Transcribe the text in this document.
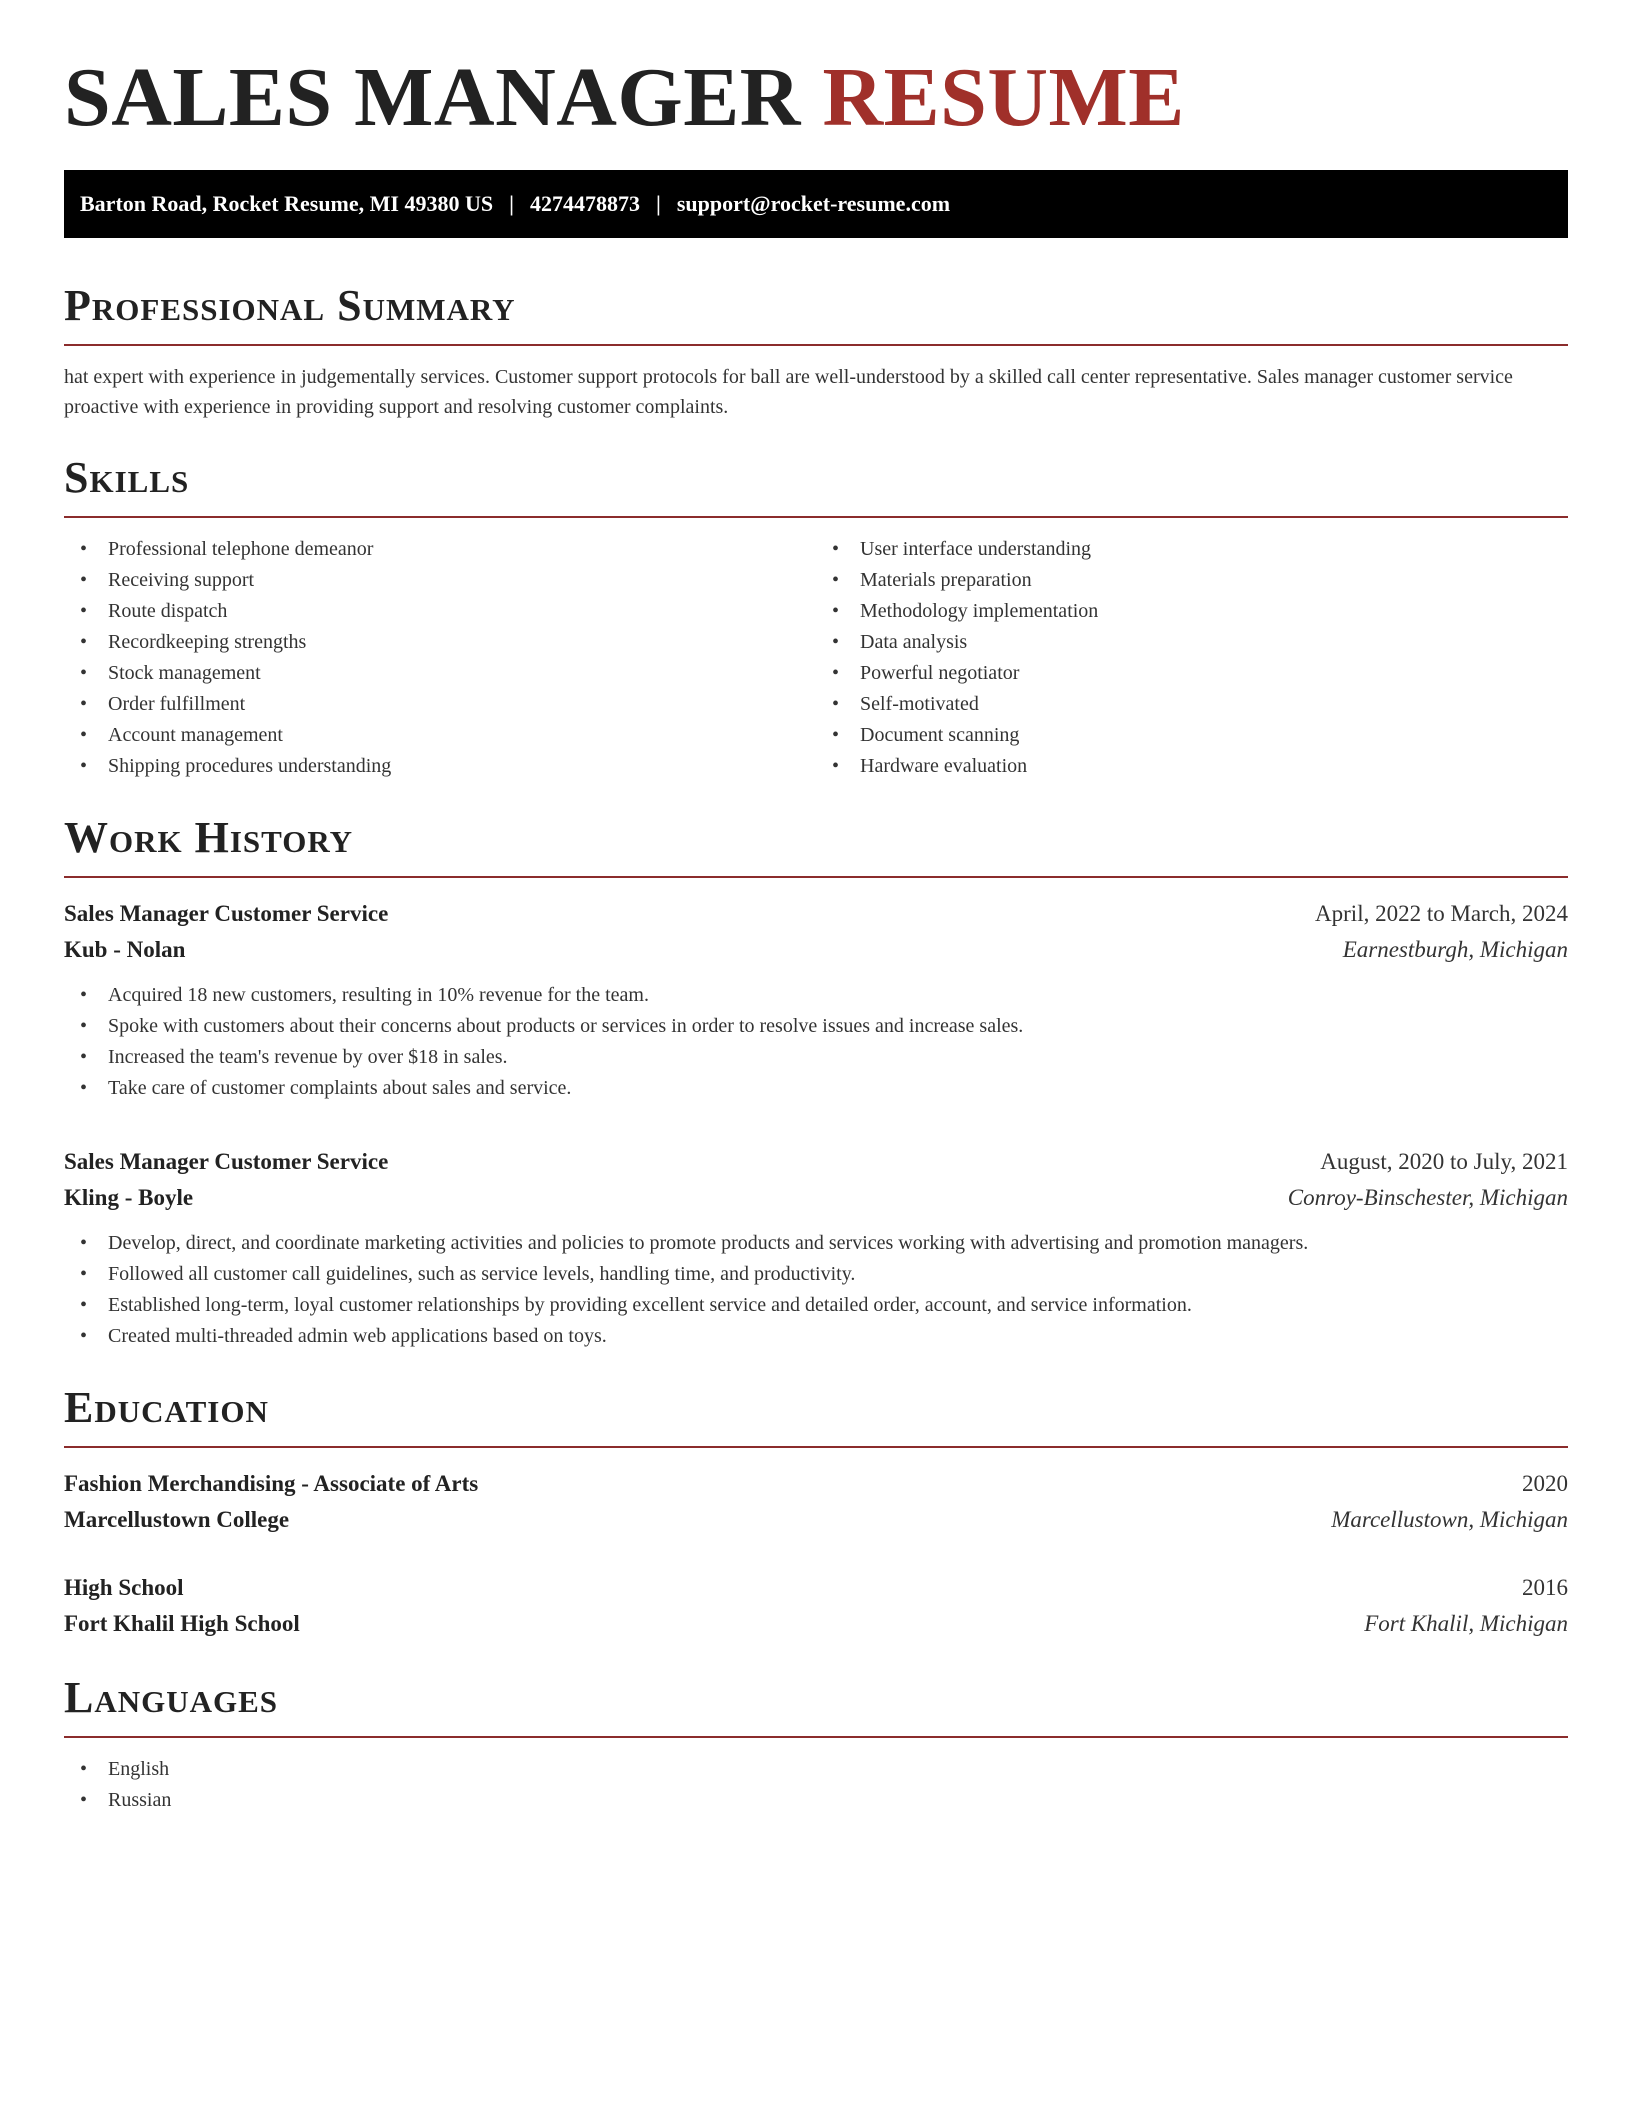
SALES MANAGER RESUME
Barton Road, Rocket Resume, MI 49380 US | 4274478873 | support@rocket-resume.com
Professional Summary

hat expert with experience in judgementally services. Customer support protocols for ball are well-understood by a skilled call center representative. Sales manager customer service proactive with experience in providing support and resolving customer complaints.

Skills
• Professional telephone demeanor
• Receiving support
• Route dispatch
• Recordkeeping strengths
• Stock management
• Order fulfillment
• Account management
• Shipping procedures understanding
• User interface understanding
• Materials preparation
• Methodology implementation
• Data analysis
• Powerful negotiator
• Self-motivated
• Document scanning
• Hardware evaluation
Work History
Sales Manager Customer Service	April, 2022 to March, 2024
Kub - Nolan	Earnestburgh, Michigan
• Acquired 18 new customers, resulting in 10% revenue for the team.
• Spoke with customers about their concerns about products or services in order to resolve issues and increase sales.
• Increased the team's revenue by over $18 in sales.
• Take care of customer complaints about sales and service.
Sales Manager Customer Service	August, 2020 to July, 2021
Kling - Boyle	Conroy-Binschester, Michigan
• Develop, direct, and coordinate marketing activities and policies to promote products and services working with advertising and promotion managers.
• Followed all customer call guidelines, such as service levels, handling time, and productivity.
• Established long-term, loyal customer relationships by providing excellent service and detailed order, account, and service information.
• Created multi-threaded admin web applications based on toys.
Education
Fashion Merchandising - Associate of Arts	2020
Marcellustown College	Marcellustown, Michigan
High School	2016
Fort Khalil High School	Fort Khalil, Michigan
Languages
• English
• Russian
